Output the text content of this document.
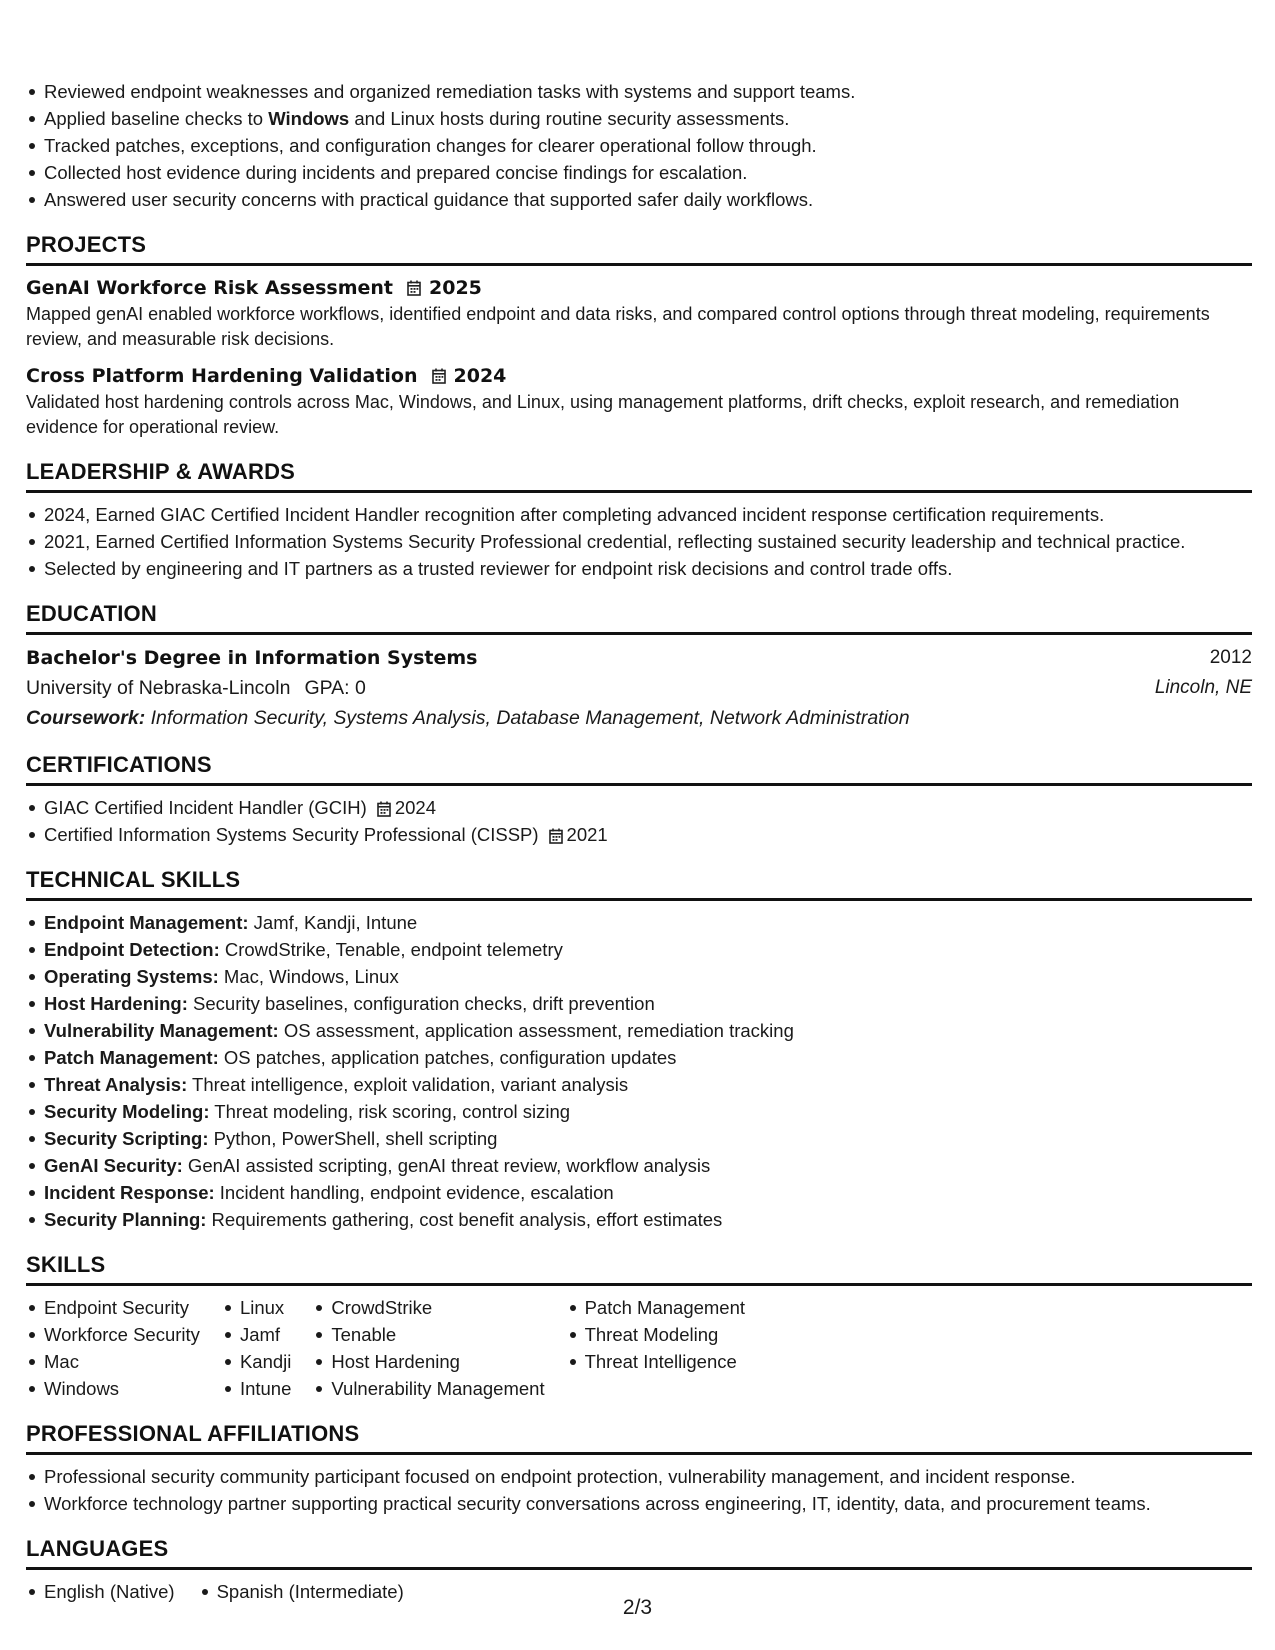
Reviewed endpoint weaknesses and organized remediation tasks with systems and support teams.
Applied baseline checks to Windows and Linux hosts during routine security assessments.
Tracked patches, exceptions, and configuration changes for clearer operational follow through.
Collected host evidence during incidents and prepared concise findings for escalation.
Answered user security concerns with practical guidance that supported safer daily workflows.
PROJECTS
GenAI Workforce Risk Assessment 2025
Mapped genAI enabled workforce workflows, identified endpoint and data risks, and compared control options through threat modeling, requirements review, and measurable risk decisions.
Cross Platform Hardening Validation 2024
Validated host hardening controls across Mac, Windows, and Linux, using management platforms, drift checks, exploit research, and remediation evidence for operational review.
LEADERSHIP & AWARDS
2024, Earned GIAC Certified Incident Handler recognition after completing advanced incident response certification requirements.
2021, Earned Certified Information Systems Security Professional credential, reflecting sustained security leadership and technical practice.
Selected by engineering and IT partners as a trusted reviewer for endpoint risk decisions and control trade offs.
EDUCATION
Bachelor's Degree in Information Systems	2012
University of Nebraska-Lincoln GPA: 0	Lincoln, NE
Coursework: Information Security, Systems Analysis, Database Management, Network Administration
CERTIFICATIONS
GIAC Certified Incident Handler (GCIH) 2024
Certified Information Systems Security Professional (CISSP) 2021
TECHNICAL SKILLS
Endpoint Management: Jamf, Kandji, Intune
Endpoint Detection: CrowdStrike, Tenable, endpoint telemetry
Operating Systems: Mac, Windows, Linux
Host Hardening: Security baselines, configuration checks, drift prevention
Vulnerability Management: OS assessment, application assessment, remediation tracking
Patch Management: OS patches, application patches, configuration updates
Threat Analysis: Threat intelligence, exploit validation, variant analysis
Security Modeling: Threat modeling, risk scoring, control sizing
Security Scripting: Python, PowerShell, shell scripting
GenAI Security: GenAI assisted scripting, genAI threat review, workflow analysis
Incident Response: Incident handling, endpoint evidence, escalation
Security Planning: Requirements gathering, cost benefit analysis, effort estimates
SKILLS
Endpoint Security
Workforce Security
Mac
Windows
Linux
Jamf
Kandji
Intune
CrowdStrike
Tenable
Host Hardening
Vulnerability Management
Patch Management
Threat Modeling
Threat Intelligence
PROFESSIONAL AFFILIATIONS
Professional security community participant focused on endpoint protection, vulnerability management, and incident response.
Workforce technology partner supporting practical security conversations across engineering, IT, identity, data, and procurement teams.
LANGUAGES
English (Native)	Spanish (Intermediate)
2/3
